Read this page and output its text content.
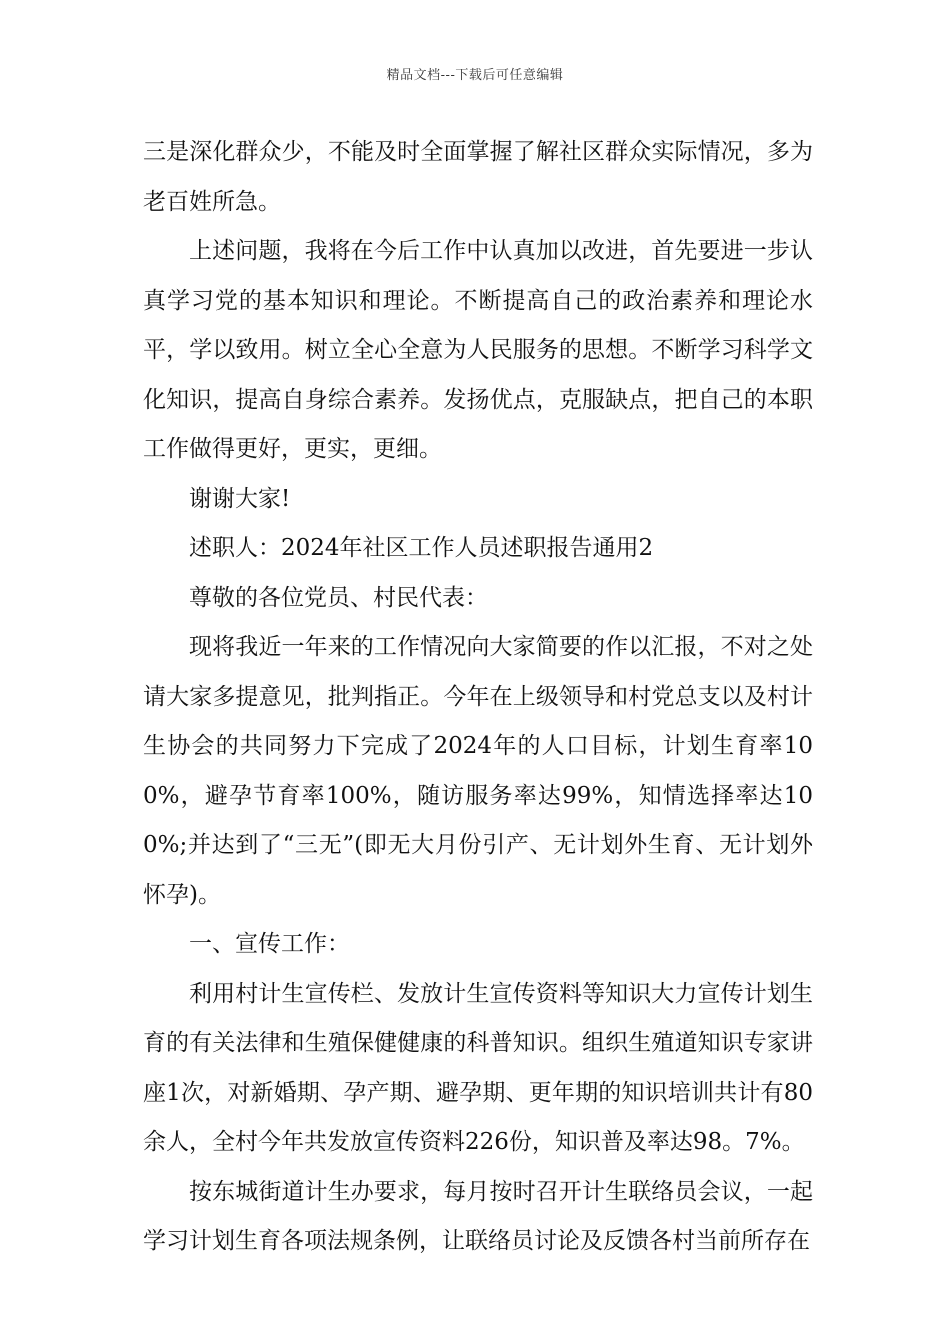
精品文档---下载后可任意编辑

三是深化群众少，不能及时全面掌握了解社区群众实际情况，多为老百姓所急。

上述问题，我将在今后工作中认真加以改进，首先要进一步认真学习党的基本知识和理论。不断提高自己的政治素养和理论水平，学以致用。树立全心全意为人民服务的思想。不断学习科学文化知识，提高自身综合素养。发扬优点，克服缺点，把自己的本职工作做得更好，更实，更细。

谢谢大家!

述职人：2024年社区工作人员述职报告通用2

尊敬的各位党员、村民代表：

现将我近一年来的工作情况向大家简要的作以汇报，不对之处请大家多提意见，批判指正。今年在上级领导和村党总支以及村计生协会的共同努力下完成了2024年的人口目标，计划生育率100%，避孕节育率100%，随访服务率达99%，知情选择率达100%;并达到了“三无”(即无大月份引产、无计划外生育、无计划外怀孕)。

一、宣传工作：

利用村计生宣传栏、发放计生宣传资料等知识大力宣传计划生育的有关法律和生殖保健健康的科普知识。组织生殖道知识专家讲座1次，对新婚期、孕产期、避孕期、更年期的知识培训共计有80余人，全村今年共发放宣传资料226份，知识普及率达98。7%。

按东城街道计生办要求，每月按时召开计生联络员会议，一起学习计划生育各项法规条例，让联络员讨论及反馈各村当前所存在
